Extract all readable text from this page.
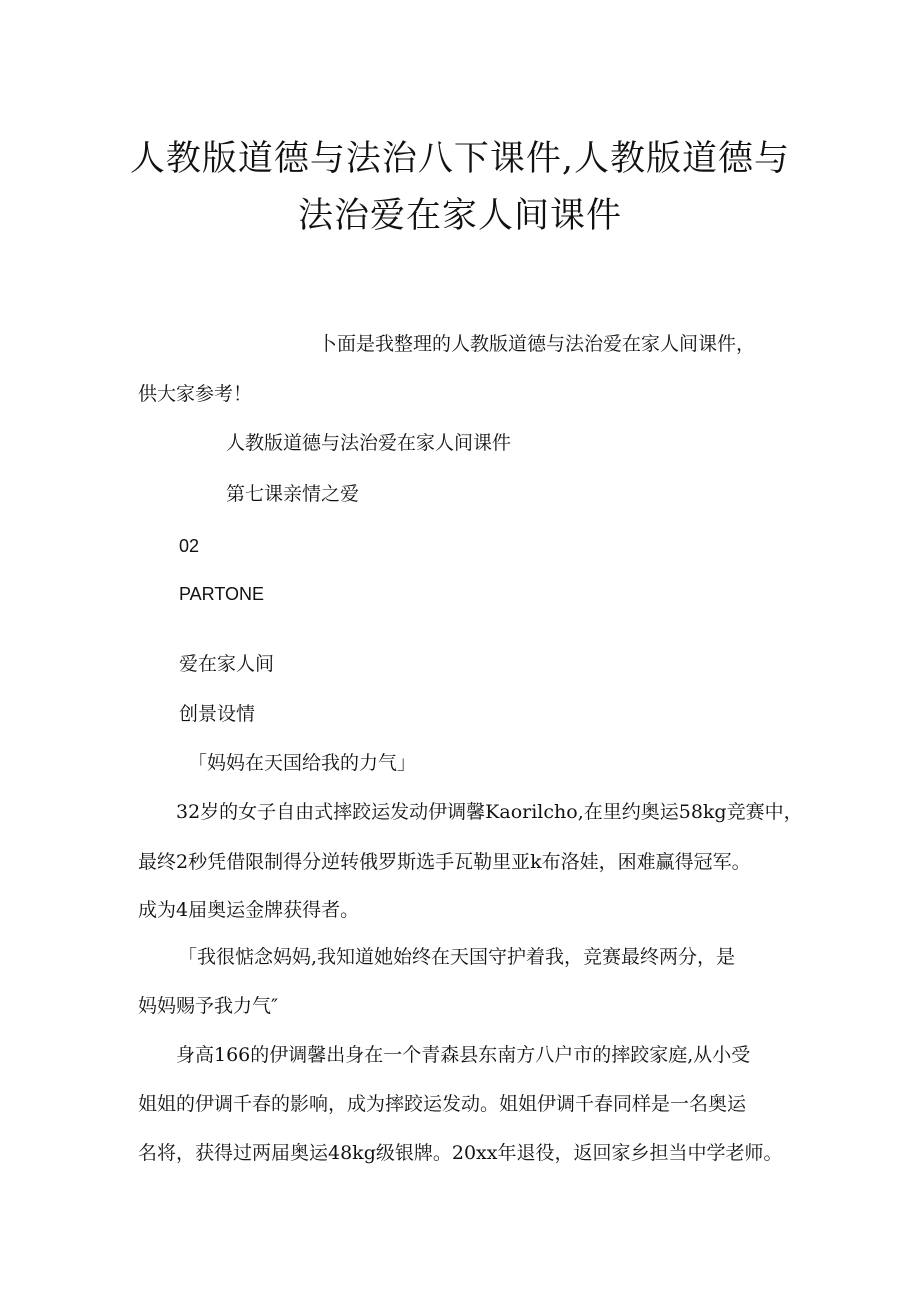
人教版道德与法治八下课件,人教版道德与
法治爱在家人间课件

卜面是我整理的人教版道德与法治爱在家人间课件，

供大家参考！

人教版道德与法治爱在家人间课件

第七课亲情之爱

02

PARTONE

爱在家人间

创景设情

「妈妈在天国给我的力气」

32岁的女子自由式摔跤运发动伊调馨Kaorilcho,在里约奥运58kg竞赛中，

最终2秒凭借限制得分逆转俄罗斯选手瓦勒里亚k布洛娃，困难赢得冠军。

成为4届奥运金牌获得者。

「我很惦念妈妈,我知道她始终在天国守护着我，竞赛最终两分，是

妈妈赐予我力气″

身高166的伊调馨出身在一个青森县东南方八户市的摔跤家庭,从小受

姐姐的伊调千春的影响，成为摔跤运发动。姐姐伊调千春同样是一名奥运

名将，获得过两届奥运48kg级银牌。20xx年退役，返回家乡担当中学老师。
